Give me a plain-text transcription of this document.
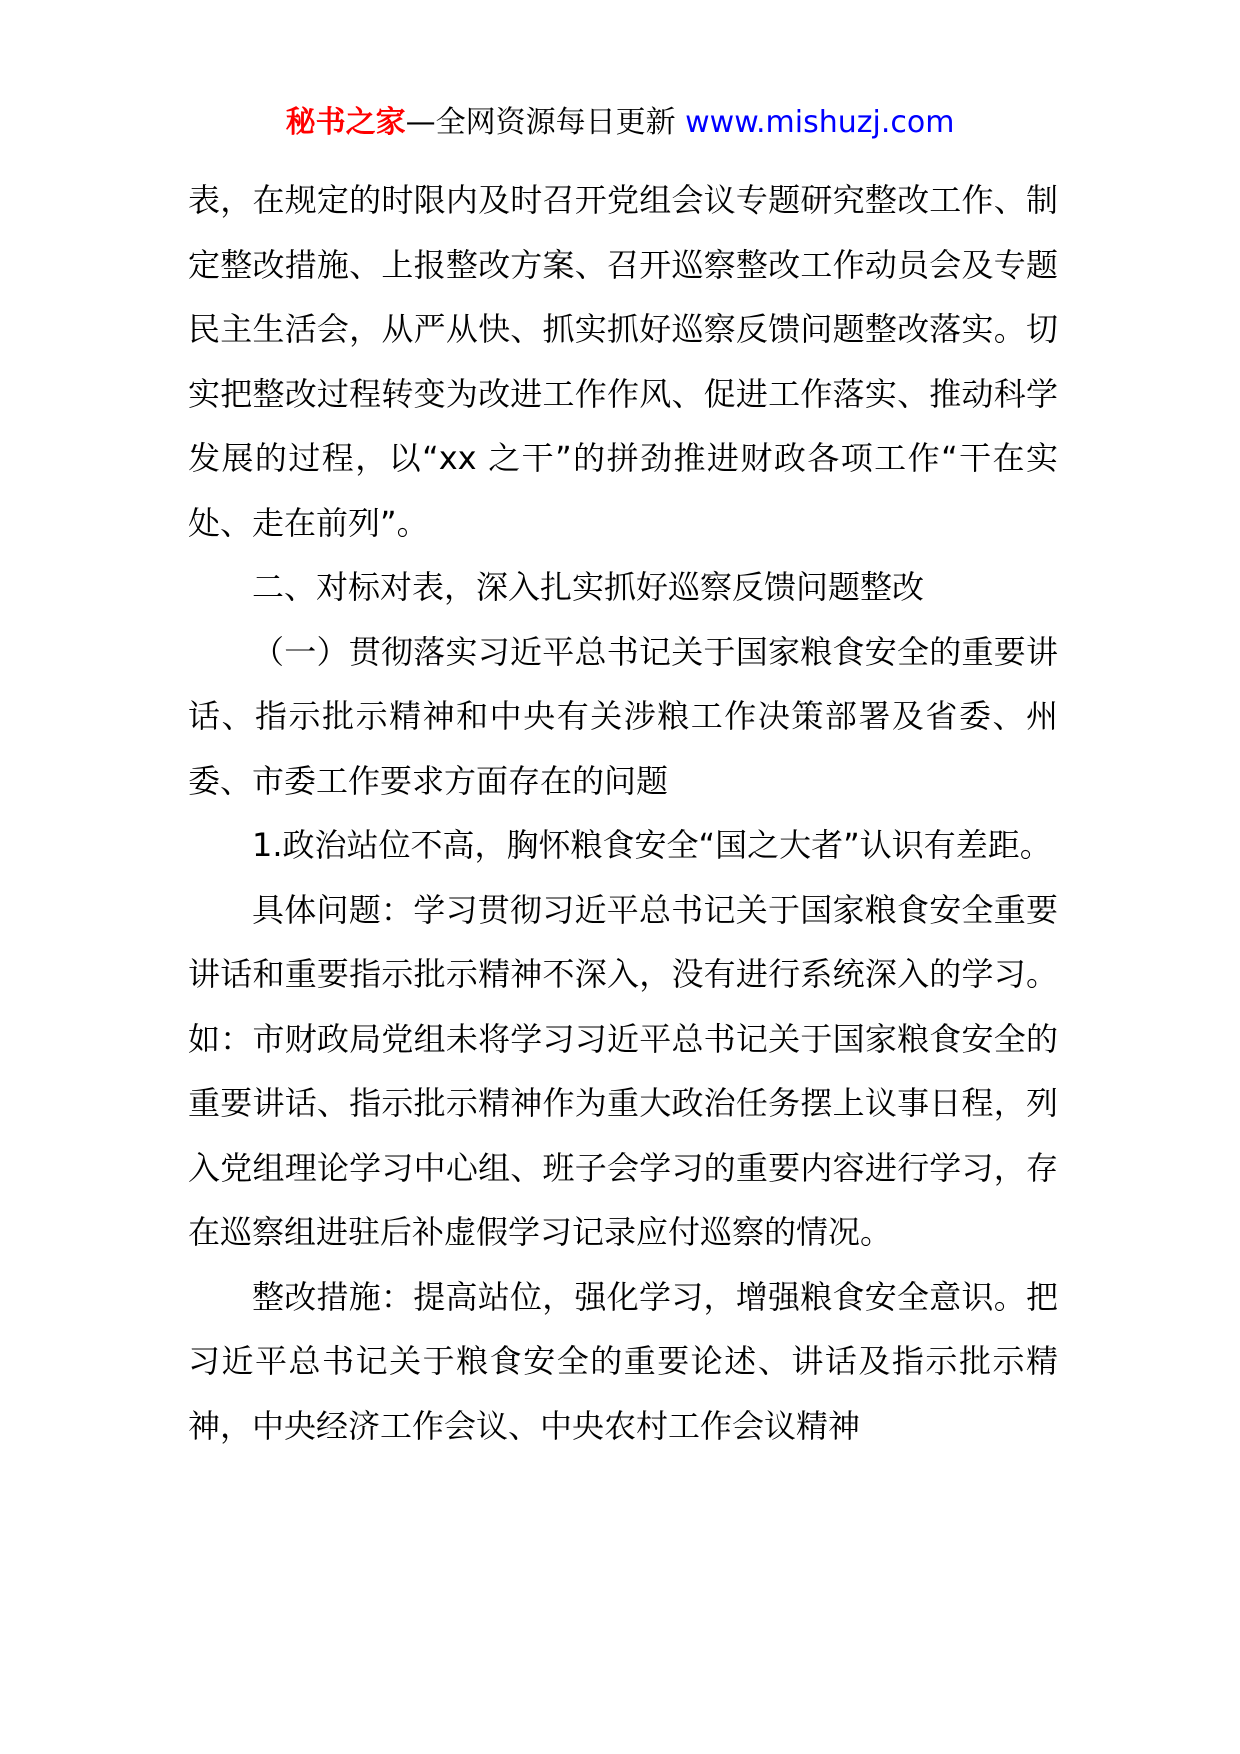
秘书之家—全网资源每日更新 www.mishuzj.com

表，在规定的时限内及时召开党组会议专题研究整改工作、制定整改措施、上报整改方案、召开巡察整改工作动员会及专题民主生活会，从严从快、抓实抓好巡察反馈问题整改落实。切实把整改过程转变为改进工作作风、促进工作落实、推动科学发展的过程，以“xx 之干”的拼劲推进财政各项工作“干在实处、走在前列”。

二、对标对表，深入扎实抓好巡察反馈问题整改

（一）贯彻落实习近平总书记关于国家粮食安全的重要讲话、指示批示精神和中央有关涉粮工作决策部署及省委、州委、市委工作要求方面存在的问题

1.政治站位不高，胸怀粮食安全“国之大者”认识有差距。

具体问题：学习贯彻习近平总书记关于国家粮食安全重要讲话和重要指示批示精神不深入，没有进行系统深入的学习。如：市财政局党组未将学习习近平总书记关于国家粮食安全的重要讲话、指示批示精神作为重大政治任务摆上议事日程，列入党组理论学习中心组、班子会学习的重要内容进行学习，存在巡察组进驻后补虚假学习记录应付巡察的情况。

整改措施：提高站位，强化学习，增强粮食安全意识。把习近平总书记关于粮食安全的重要论述、讲话及指示批示精神，中央经济工作会议、中央农村工作会议精神
